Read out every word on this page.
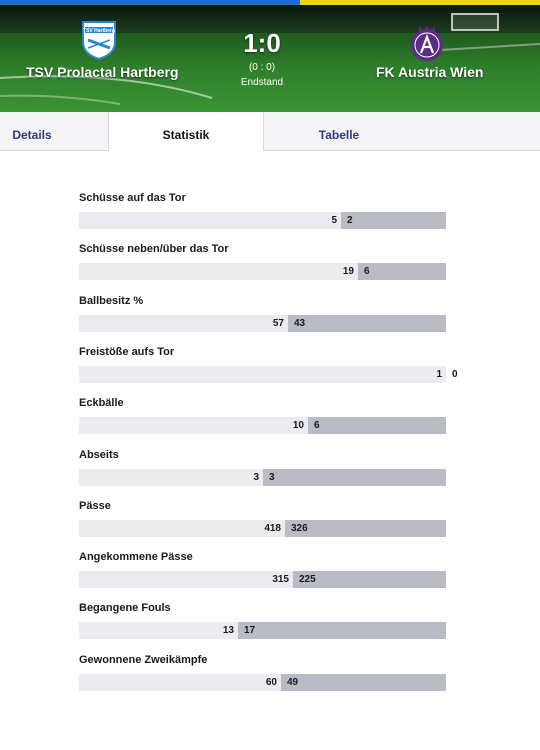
TSV Hartberg
TSV Prolactal Hartberg
1:0
(0 : 0)
Endstand
FK Austria Wien
Details	Statistik	Tabelle
Schüsse auf das Tor
5 2
Schüsse neben/über das Tor
19 6
Ballbesitz %
57 43
Freistöße aufs Tor
1 0
Eckbälle
10 6
Abseits
3 3
Pässe
418 326
Angekommene Pässe
315 225
Begangene Fouls
13 17
Gewonnene Zweikämpfe
60 49
